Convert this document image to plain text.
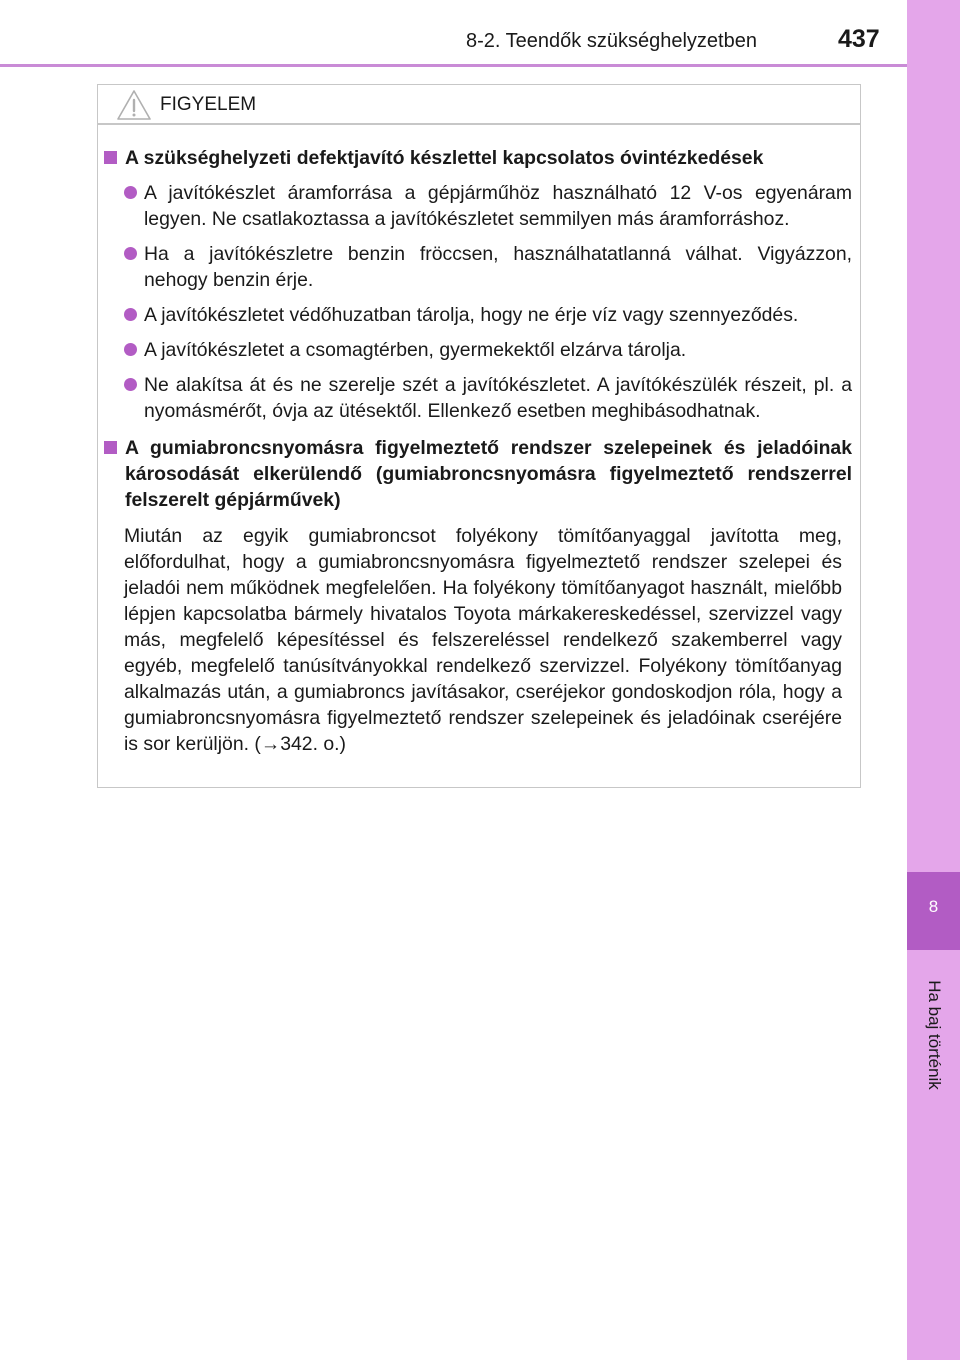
8
Ha baj történik
8-2. Teendők szükséghelyzetben	437
FIGYELEM
A szükséghelyzeti defektjavító készlettel kapcsolatos óvintézkedések
A javítókészlet áramforrása a gépjárműhöz használható 12 V-os egyenáram legyen. Ne csatlakoztassa a javítókészletet semmilyen más áramforráshoz.
Ha a javítókészletre benzin fröccsen, használhatatlanná válhat. Vigyázzon, nehogy benzin érje.
A javítókészletet védőhuzatban tárolja, hogy ne érje víz vagy szennyeződés.
A javítókészletet a csomagtérben, gyermekektől elzárva tárolja.
Ne alakítsa át és ne szerelje szét a javítókészletet. A javítókészülék részeit, pl. a nyomásmérőt, óvja az ütésektől. Ellenkező esetben meghibásodhatnak.
A gumiabroncsnyomásra figyelmeztető rendszer szelepeinek és jeladóinak károsodását elkerülendő (gumiabroncsnyomásra figyelmeztető rendszerrel felszerelt gépjárművek)
Miután az egyik gumiabroncsot folyékony tömítőanyaggal javította meg, előfordulhat, hogy a gumiabroncsnyomásra figyelmeztető rendszer szelepei és jeladói nem működnek megfelelően. Ha folyékony tömítőanyagot használt, mielőbb lépjen kapcsolatba bármely hivatalos Toyota márkakereskedéssel, szervizzel vagy más, megfelelő képesítéssel és felszereléssel rendelkező szakemberrel vagy egyéb, megfelelő tanúsítványokkal rendelkező szervizzel. Folyékony tömítőanyag alkalmazás után, a gumiabroncs javításakor, cseréjekor gondoskodjon róla, hogy a gumiabroncsnyomásra figyelmeztető rendszer szelepeinek és jeladóinak cseréjére is sor kerüljön. (→342. o.)
